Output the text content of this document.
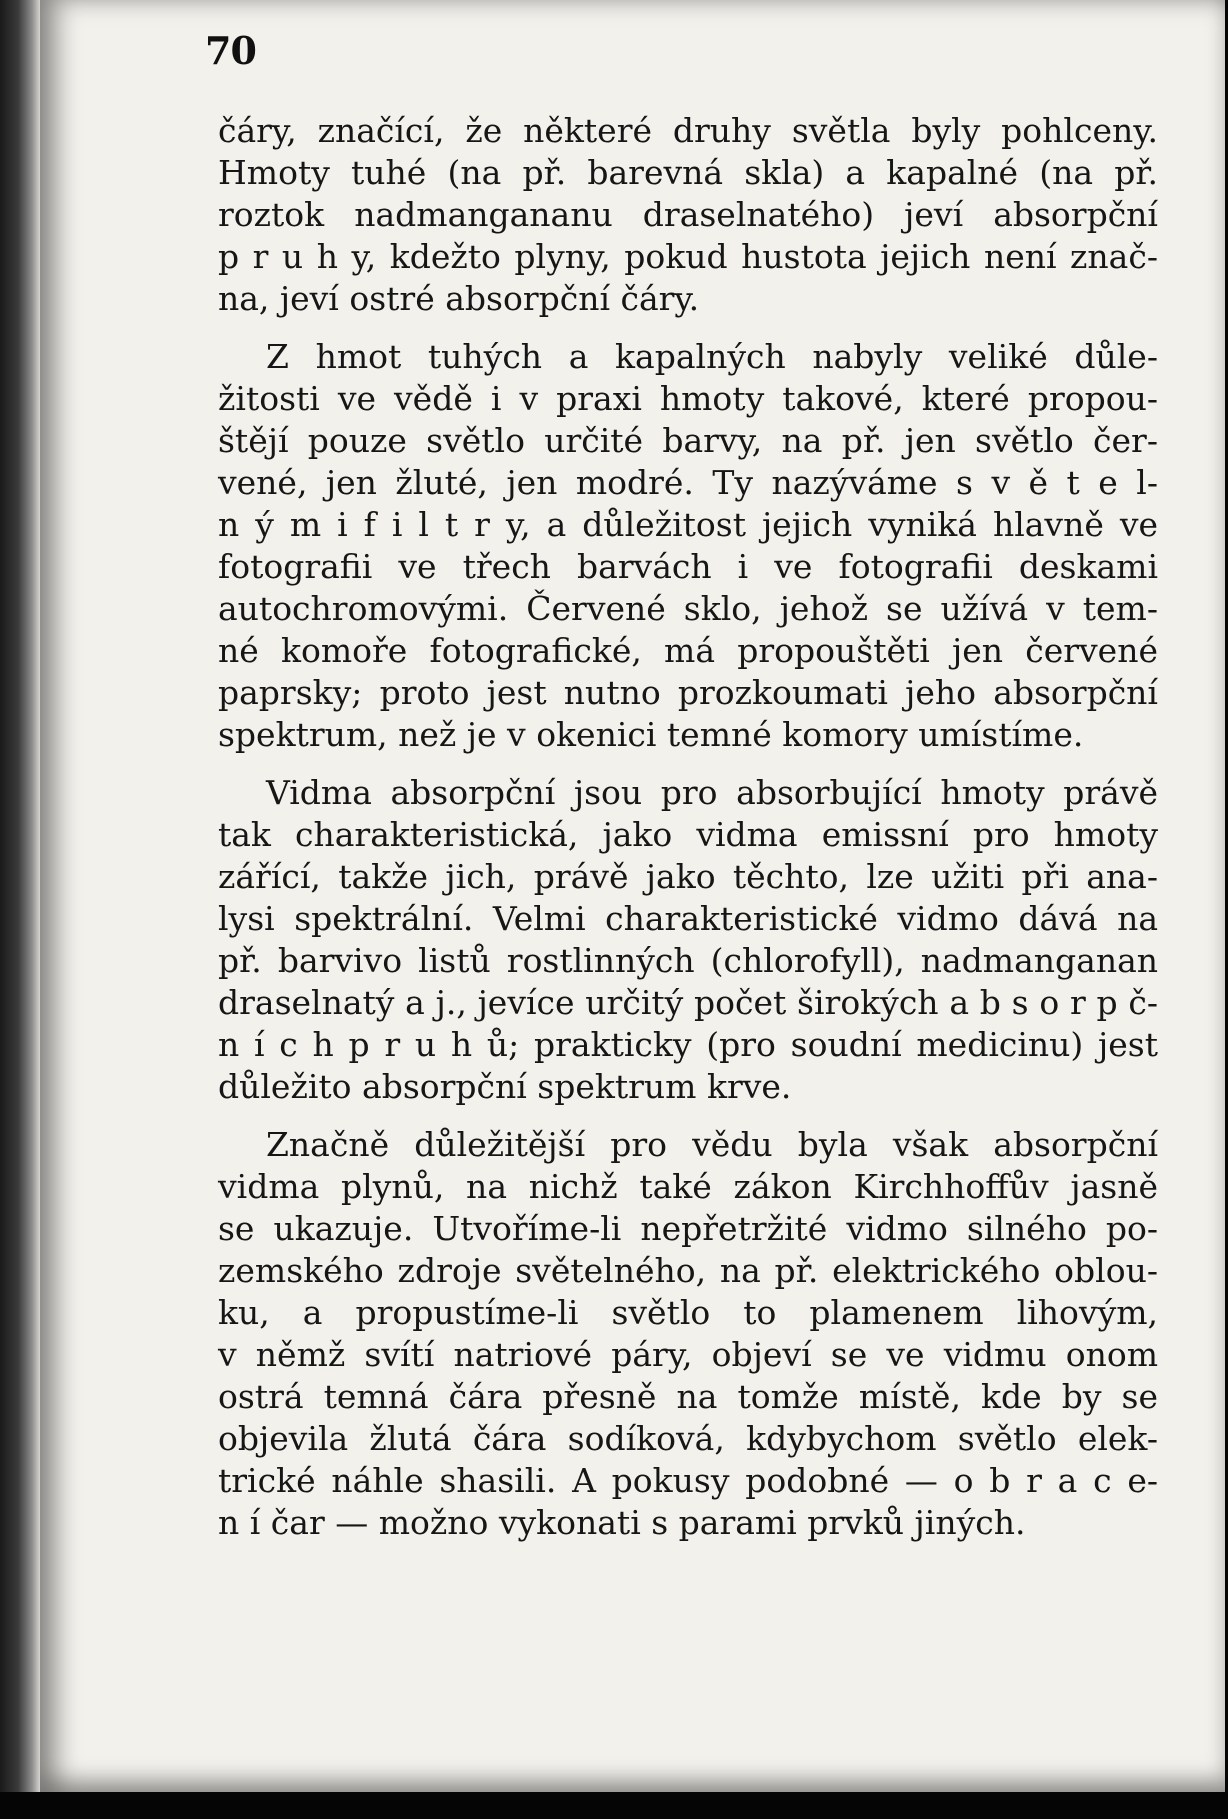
70

čáry, značící, že některé druhy světla byly pohlceny.
Hmoty tuhé (na př. barevná skla) a kapalné (na př.
roztok nadmangananu draselnatého) jeví absorpční
p r u h y, kdežto plyny, pokud hustota jejich není znač-
na, jeví ostré absorpční čáry.

Z hmot tuhých a kapalných nabyly veliké důle-
žitosti ve vědě i v praxi hmoty takové, které propou-
štějí pouze světlo určité barvy, na př. jen světlo čer-
vené, jen žluté, jen modré. Ty nazýváme s v ě t e l-
n ý m i f i l t r y, a důležitost jejich vyniká hlavně ve
fotografii ve třech barvách i ve fotografii deskami
autochromovými. Červené sklo, jehož se užívá v tem-
né komoře fotografické, má propouštěti jen červené
paprsky; proto jest nutno prozkoumati jeho absorpční
spektrum, než je v okenici temné komory umístíme.

Vidma absorpční jsou pro absorbující hmoty právě
tak charakteristická, jako vidma emissní pro hmoty
zářící, takže jich, právě jako těchto, lze užiti při ana-
lysi spektrální. Velmi charakteristické vidmo dává na
př. barvivo listů rostlinných (chlorofyll), nadmanganan
draselnatý a j., jevíce určitý počet širokých a b s o r p č-
n í c h p r u h ů; prakticky (pro soudní medicinu) jest
důležito absorpční spektrum krve.

Značně důležitější pro vědu byla však absorpční
vidma plynů, na nichž také zákon Kirchhoffův jasně
se ukazuje. Utvoříme-li nepřetržité vidmo silného po-
zemského zdroje světelného, na př. elektrického oblou-
ku, a propustíme-li světlo to plamenem lihovým,
v němž svítí natriové páry, objeví se ve vidmu onom
ostrá temná čára přesně na tomže místě, kde by se
objevila žlutá čára sodíková, kdybychom světlo elek-
trické náhle shasili. A pokusy podobné — o b r a c e-
n í čar — možno vykonati s parami prvků jiných.
